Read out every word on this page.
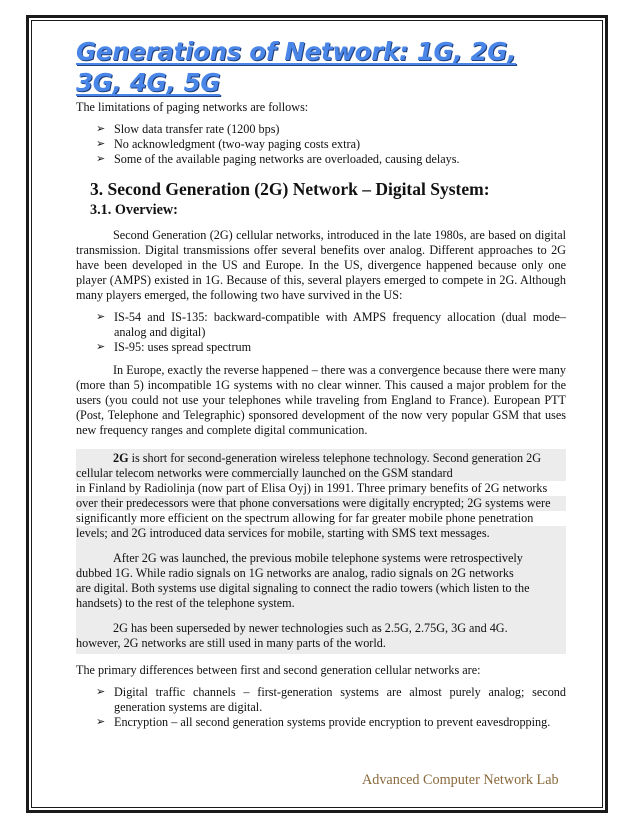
Generations of Network: 1G, 2G, 3G, 4G, 5G

The limitations of paging networks are follows:

➢ Slow data transfer rate (1200 bps)
➢ No acknowledgment (two-way paging costs extra)
➢ Some of the available paging networks are overloaded, causing delays.
3. Second Generation (2G) Network – Digital System:
3.1. Overview:

Second Generation (2G) cellular networks, introduced in the late 1980s, are based on digital transmission. Digital transmissions offer several benefits over analog. Different approaches to 2G have been developed in the US and Europe. In the US, divergence happened because only one player (AMPS) existed in 1G. Because of this, several players emerged to compete in 2G. Although many players emerged, the following two have survived in the US:

➢ IS-54 and IS-135: backward-compatible with AMPS frequency allocation (dual mode– analog and digital)
➢ IS-95: uses spread spectrum

In Europe, exactly the reverse happened – there was a convergence because there were many (more than 5) incompatible 1G systems with no clear winner. This caused a major problem for the users (you could not use your telephones while traveling from England to France). European PTT (Post, Telephone and Telegraphic) sponsored development of the now very popular GSM that uses new frequency ranges and complete digital communication.

2G is short for second-generation wireless telephone technology. Second generation 2G
cellular telecom networks were commercially launched on the GSM standard
in Finland by Radiolinja (now part of Elisa Oyj) in 1991. Three primary benefits of 2G networks
over their predecessors were that phone conversations were digitally encrypted; 2G systems were
significantly more efficient on the spectrum allowing for far greater mobile phone penetration
levels; and 2G introduced data services for mobile, starting with SMS text messages.
After 2G was launched, the previous mobile telephone systems were retrospectively
dubbed 1G. While radio signals on 1G networks are analog, radio signals on 2G networks
are digital. Both systems use digital signaling to connect the radio towers (which listen to the
handsets) to the rest of the telephone system.
2G has been superseded by newer technologies such as 2.5G, 2.75G, 3G and 4G.
however, 2G networks are still used in many parts of the world.

The primary differences between first and second generation cellular networks are:

➢ Digital traffic channels – first-generation systems are almost purely analog; second generation systems are digital.
➢ Encryption – all second generation systems provide encryption to prevent eavesdropping.
Advanced Computer Network Lab
